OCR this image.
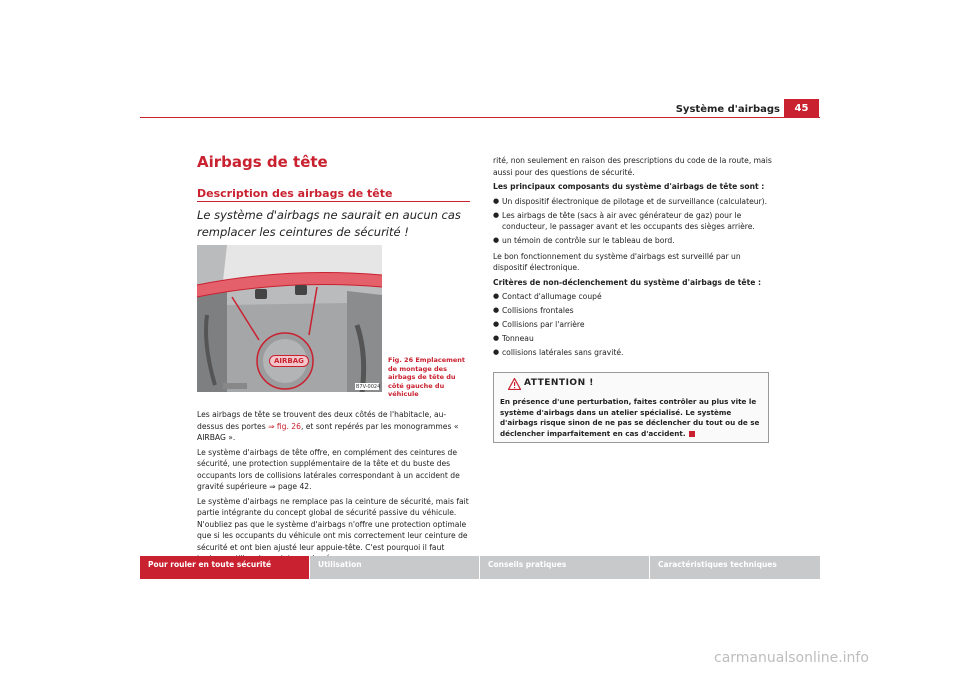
Système d'airbags	45
Airbags de tête
Description des airbags de tête
Le système d'airbags ne saurait en aucun cas remplacer les ceintures de sécurité !
AIRBAG
B7V-0024
Fig. 26 Emplacement de montage des airbags de tête du côté gauche du véhicule

Les airbags de tête se trouvent des deux côtés de l'habitacle, au-dessus des portes ⇒ fig. 26, et sont repérés par les monogrammes « AIRBAG ».

Le système d'airbags de tête offre, en complément des ceintures de sécurité, une protection supplémentaire de la tête et du buste des occupants lors de collisions latérales correspondant à un accident de gravité supérieure ⇒ page 42.

Le système d'airbags ne remplace pas la ceinture de sécurité, mais fait partie intégrante du concept global de sécurité passive du véhicule. N'oubliez pas que le système d'airbags n'offre une protection optimale que si les occupants du véhicule ont mis correctement leur ceinture de sécurité et ont bien ajusté leur appuie-tête. C'est pourquoi il faut

rité, non seulement en raison des prescriptions du code de la route, mais aussi pour des questions de sécurité.

Les principaux composants du système d'airbags de tête sont :

● Un dispositif électronique de pilotage et de surveillance (calculateur).
● Les airbags de tête (sacs à air avec générateur de gaz) pour le conducteur, le passager avant et les occupants des sièges arrière.
● un témoin de contrôle sur le tableau de bord.

Le bon fonctionnement du système d'airbags est surveillé par un dispositif électronique.

Critères de non-déclenchement du système d'airbags de tête :

● Contact d'allumage coupé
● Collisions frontales
● Collisions par l'arrière
● Tonneau
● collisions latérales sans gravité.
ATTENTION !
En présence d'une perturbation, faites contrôler au plus vite le système d'airbags dans un atelier spécialisé. Le système d'airbags risque sinon de ne pas se déclencher du tout ou de se déclencher imparfaitement en cas d'accident.
Pour rouler en toute sécurité	Utilisation	Conseils pratiques	Caractéristiques techniques
carmanualsonline.info
